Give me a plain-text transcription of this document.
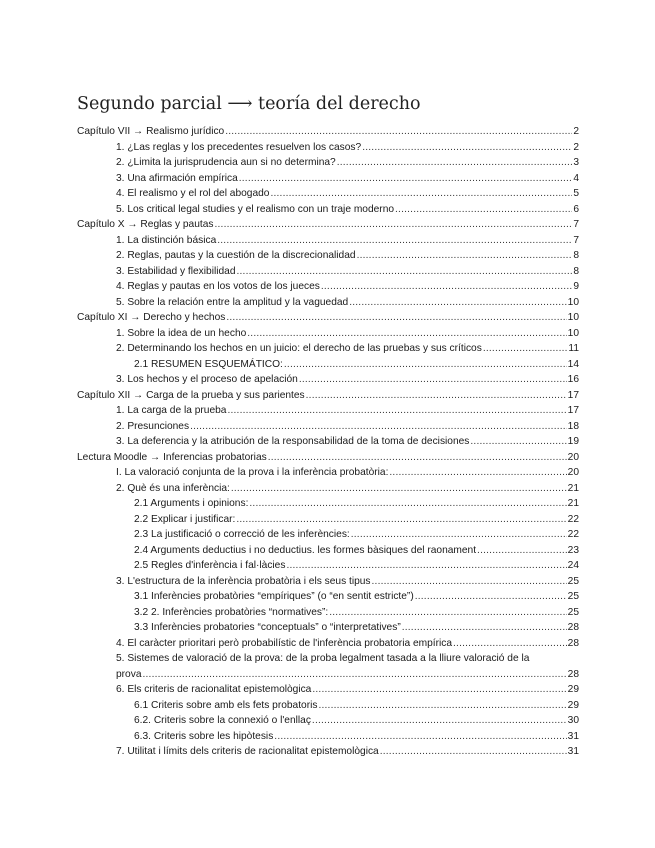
Segundo parcial ⟶ teoría del derecho
Capítulo VII → Realismo jurídico .....	2
1. ¿Las reglas y los precedentes resuelven los casos? .....	2
2. ¿Limita la jurisprudencia aun si no determina? .....	3
3. Una afirmación empírica .....	4
4. El realismo y el rol del abogado .....	5
5. Los critical legal studies y el realismo con un traje moderno .....	6
Capítulo X → Reglas y pautas .....	7
1. La distinción básica .....	7
2. Reglas, pautas y la cuestión de la discrecionalidad .....	8
3. Estabilidad y flexibilidad .....	8
4. Reglas y pautas en los votos de los jueces .....	9
5. Sobre la relación entre la amplitud y la vaguedad .....	10
Capítulo XI → Derecho y hechos .....	10
1. Sobre la idea de un hecho .....	10
2. Determinando los hechos en un juicio: el derecho de las pruebas y sus críticos .....	11
2.1 RESUMEN ESQUEMÁTICO: .....	14
3. Los hechos y el proceso de apelación .....	16
Capítulo XII → Carga de la prueba y sus parientes .....	17
1. La carga de la prueba .....	17
2. Presunciones .....	18
3. La deferencia y la atribución de la responsabilidad de la toma de decisiones .....	19
Lectura Moodle → Inferencias probatorias .....	20
I. La valoració conjunta de la prova i la inferència probatòria: .....	20
2. Què és una inferència: .....	21
2.1 Arguments i opinions: .....	21
2.2 Explicar i justificar: .....	22
2.3 La justificació o correcció de les inferències: .....	22
2.4 Arguments deductius i no deductius. les formes bàsiques del raonament .....	23
2.5 Regles d'inferència i fal·làcies .....	24
3. L'estructura de la inferència probatòria i els seus tipus .....	25
3.1 Inferències probatòries “empíriques” (o “en sentit estricte”) .....	25
3.2 2. Inferències probatòries “normatives”: .....	25
3.3 Inferències probatories “conceptuals” o “interpretatives” .....	28
4. El caràcter prioritari però probabilístic de l'inferència probatoria empírica .....	28
5. Sistemes de valoració de la prova: de la proba legalment tasada a la lliure valoració de la
prova .....	28
6. Els criteris de racionalitat epistemològica .....	29
6.1 Criteris sobre amb els fets probatoris .....	29
6.2. Criteris sobre la connexió o l'enllaç .....	30
6.3. Criteris sobre les hipòtesis .....	31
7. Utilitat i límits dels criteris de racionalitat epistemològica .....	31
